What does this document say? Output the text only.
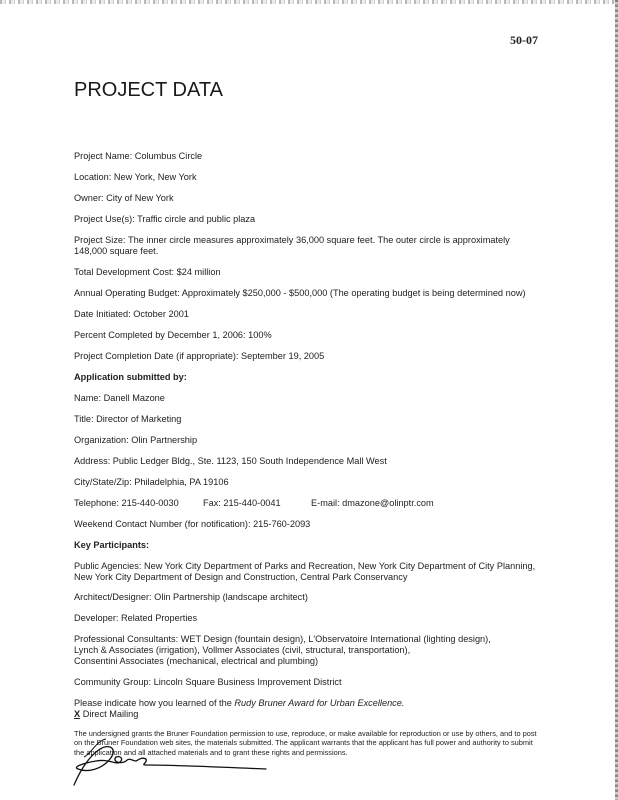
50-07
PROJECT DATA
Project Name: Columbus Circle
Location: New York, New York
Owner: City of New York
Project Use(s): Traffic circle and public plaza
Project Size: The inner circle measures approximately 36,000 square feet. The outer circle is approximately 148,000 square feet.
Total Development Cost: $24 million
Annual Operating Budget: Approximately $250,000 - $500,000 (The operating budget is being determined now)
Date Initiated: October 2001
Percent Completed by December 1, 2006: 100%
Project Completion Date (if appropriate): September 19, 2005
Application submitted by:
Name: Danell Mazone
Title: Director of Marketing
Organization: Olin Partnership
Address: Public Ledger Bldg., Ste. 1123, 150 South Independence Mall West
City/State/Zip: Philadelphia, PA 19106
Telephone: 215-440-0030	Fax: 215-440-0041	E-mail: dmazone@olinptr.com
Weekend Contact Number (for notification): 215-760-2093
Key Participants:
Public Agencies: New York City Department of Parks and Recreation, New York City Department of City Planning, New York City Department of Design and Construction, Central Park Conservancy
Architect/Designer: Olin Partnership (landscape architect)
Developer: Related Properties
Professional Consultants: WET Design (fountain design), L'Observatoire International (lighting design),
Lynch & Associates (irrigation), Vollmer Associates (civil, structural, transportation),
Consentini Associates (mechanical, electrical and plumbing)
Community Group: Lincoln Square Business Improvement District
Please indicate how you learned of the Rudy Bruner Award for Urban Excellence.
X Direct Mailing
The undersigned grants the Bruner Foundation permission to use, reproduce, or make available for reproduction or use by others, and to post on the Bruner Foundation web sites, the materials submitted. The applicant warrants that the applicant has full power and authority to submit the application and all attached materials and to grant these rights and permissions.
